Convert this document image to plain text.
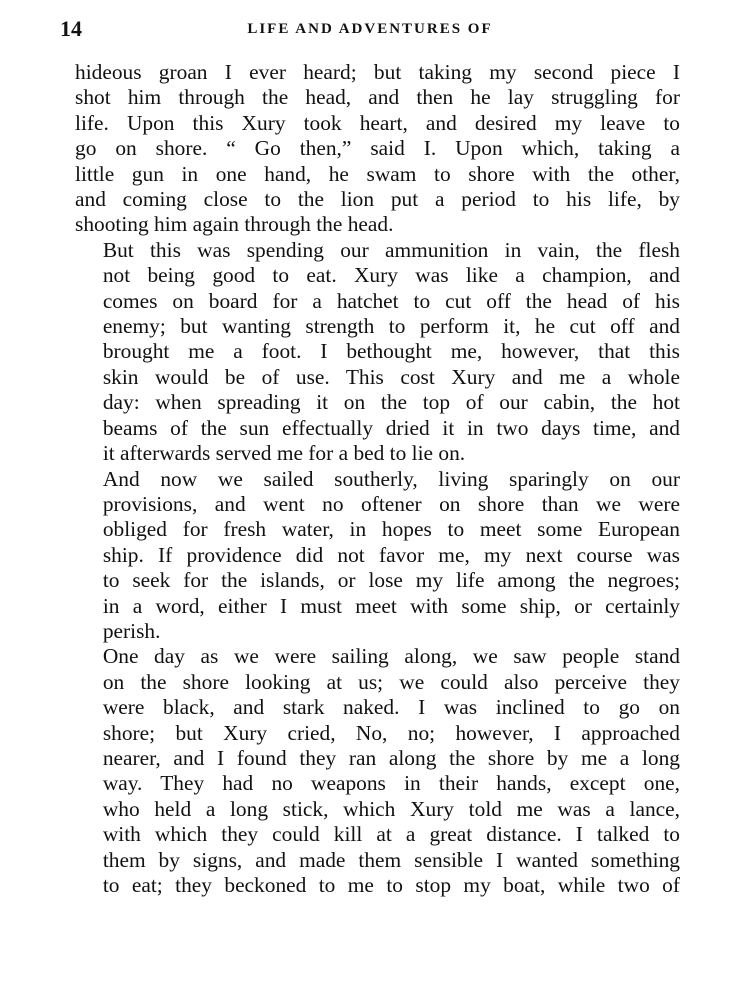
14	LIFE AND ADVENTURES OF

hideous groan I ever heard; but taking my second piece I
shot him through the head, and then he lay struggling for
life. Upon this Xury took heart, and desired my leave to
go on shore. “ Go then,” said I. Upon which, taking a
little gun in one hand, he swam to shore with the other,
and coming close to the lion put a period to his life, by
shooting him again through the head.

But this was spending our ammunition in vain, the flesh
not being good to eat. Xury was like a champion, and
comes on board for a hatchet to cut off the head of his
enemy; but wanting strength to perform it, he cut off and
brought me a foot. I bethought me, however, that this
skin would be of use. This cost Xury and me a whole
day: when spreading it on the top of our cabin, the hot
beams of the sun effectually dried it in two days time, and
it afterwards served me for a bed to lie on.

And now we sailed southerly, living sparingly on our
provisions, and went no oftener on shore than we were
obliged for fresh water, in hopes to meet some European
ship. If providence did not favor me, my next course was
to seek for the islands, or lose my life among the negroes;
in a word, either I must meet with some ship, or certainly
perish.

One day as we were sailing along, we saw people stand
on the shore looking at us; we could also perceive they
were black, and stark naked. I was inclined to go on
shore; but Xury cried, No, no; however, I approached
nearer, and I found they ran along the shore by me a long
way. They had no weapons in their hands, except one,
who held a long stick, which Xury told me was a lance,
with which they could kill at a great distance. I talked to
them by signs, and made them sensible I wanted something
to eat; they beckoned to me to stop my boat, while two of
